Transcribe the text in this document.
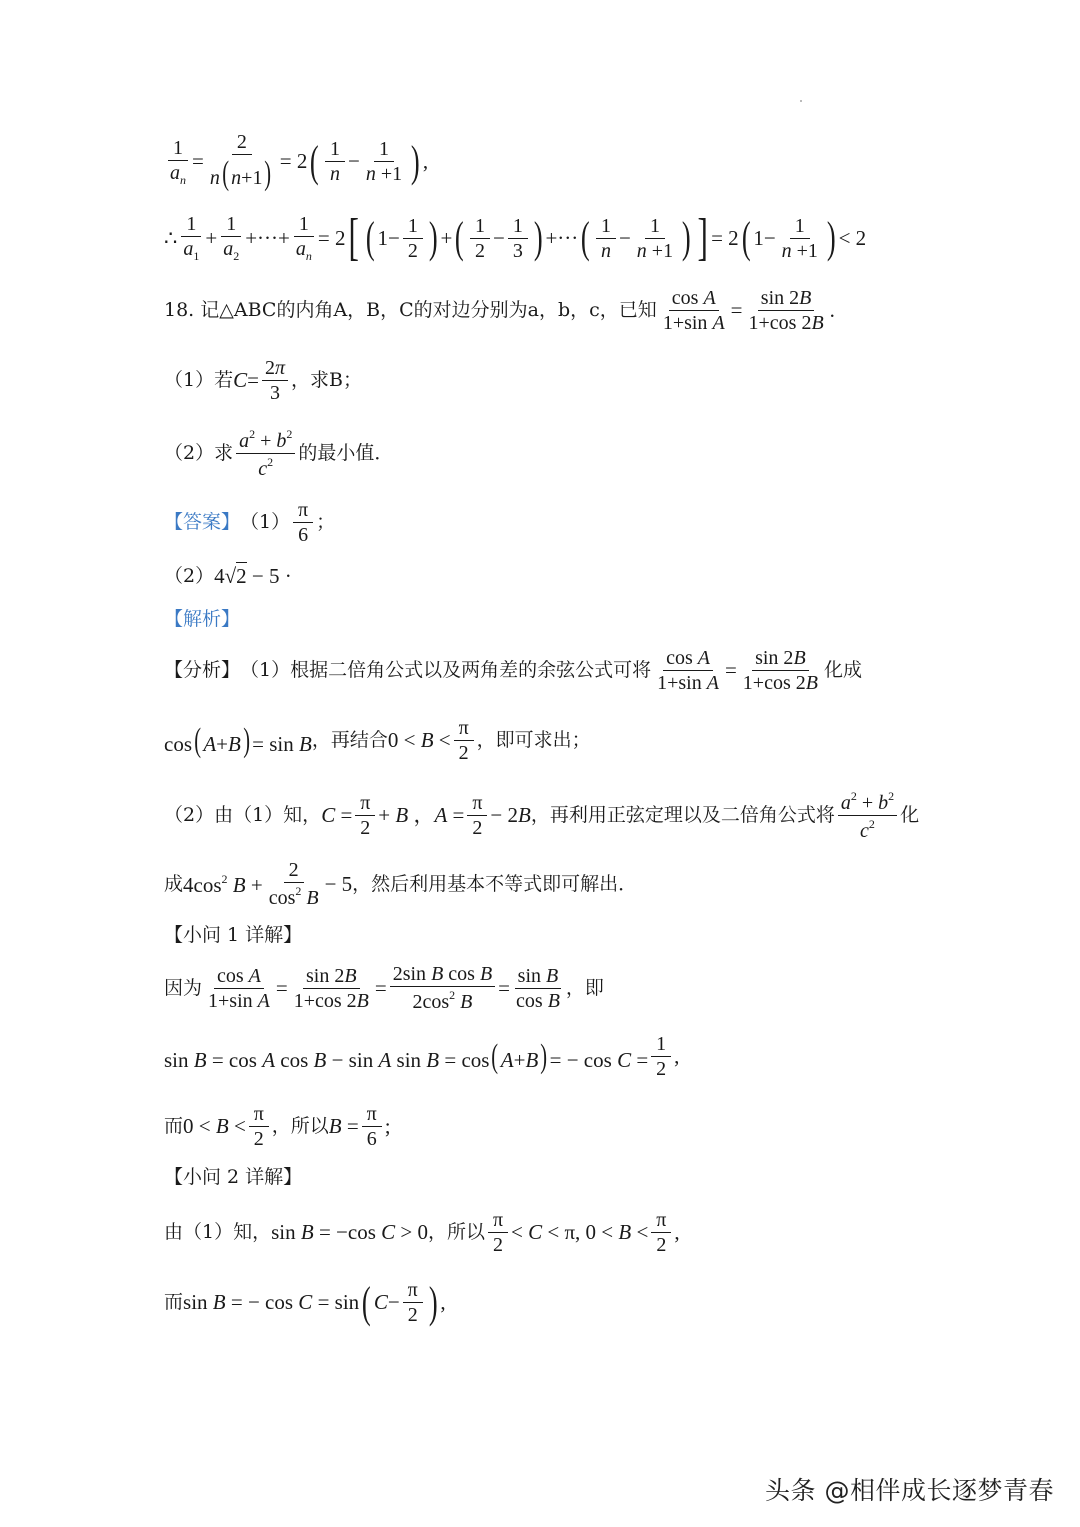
$\frac{1}{a_n} = \frac{2}{n( n+1)} = 2$ ( $\frac{1}{n} - \frac{1}{n +1}$ ) ,
∴ $\frac{1}{a_1} + \frac{1}{a_2}$ +···+ $\frac{1}{a_n} = 2$ [ ( $1- \frac{1}{2}$ ) + ( $\frac{1}{2} - \frac{1}{3}$ ) +··· ( $\frac{1}{n} - \frac{1}{n +1}$ ) ] = 2 ( $1- \frac{1}{n +1}$ ) < 2
18.
记△ABC的内角A，B，C的对边分别为a，b，c，已知 $\frac{\text{cos A}}{\text{1+sin A}} = \frac{\sin 2B}{1+\cos 2B}$ .
（1）若 $C = \frac{2\pi}{3}$ ，求B；
（2）求 $\frac{a^2 + b^2}{c^2}$ 的最小值．
【答案】 $(1) \frac{\pi}{6}$ ；
（2） 4√2 − 5 ·
【解析】
【分析】 （1）根据二倍角公式以及两角差的余弦公式可将 $\frac{\text{cos A}}{\text{1+sin A}} = \frac{\sin 2B}{1+\cos 2B}$ 化成
cos( A+B) = sin B ，再结合 $0 < B < \frac{\pi}{2}$ ，即可求出；
（2）由（1）知， $C = \frac{\pi}{2} + B$ ，$A = \frac{\pi}{2} - 2B$ ，再利用正弦定理以及二倍角公式将 $\frac{a^2 + b^2}{c^2}$ 化
成 $4\cos^2$ $B + \frac{2}{\cos^2 B} - 5$ ，然后利用基本不等式即可解出．
【小问 1 详解】
因为 $\frac{\text{cos A}}{\text{1+sin A}} = \frac{\sin 2B}{1+\cos 2B} = \frac{\text{2sin B cos B}}{2\cos^2 B} = \frac{\text{sin B}}{\text{cos B}}$ ，即
sin B = cos A cos B − sin A sin B = cos( A+B) = − $\cos C = \frac{1}{2}$ ,
而 $0 < B < \frac{\pi}{2}$ ，所以 $B = \frac{\pi}{6}$ ;
【小问 2 详解】
由（1）知， sin B = −cos C > 0 ，所以 $\frac{\pi}{2} < C < \pi$, $0 < B < \frac{\pi}{2}$ ,
而 sin B = − cos C = sin ( $C - \frac{\pi}{2}$ ) ,
头条 @相伴成长逐梦青春
